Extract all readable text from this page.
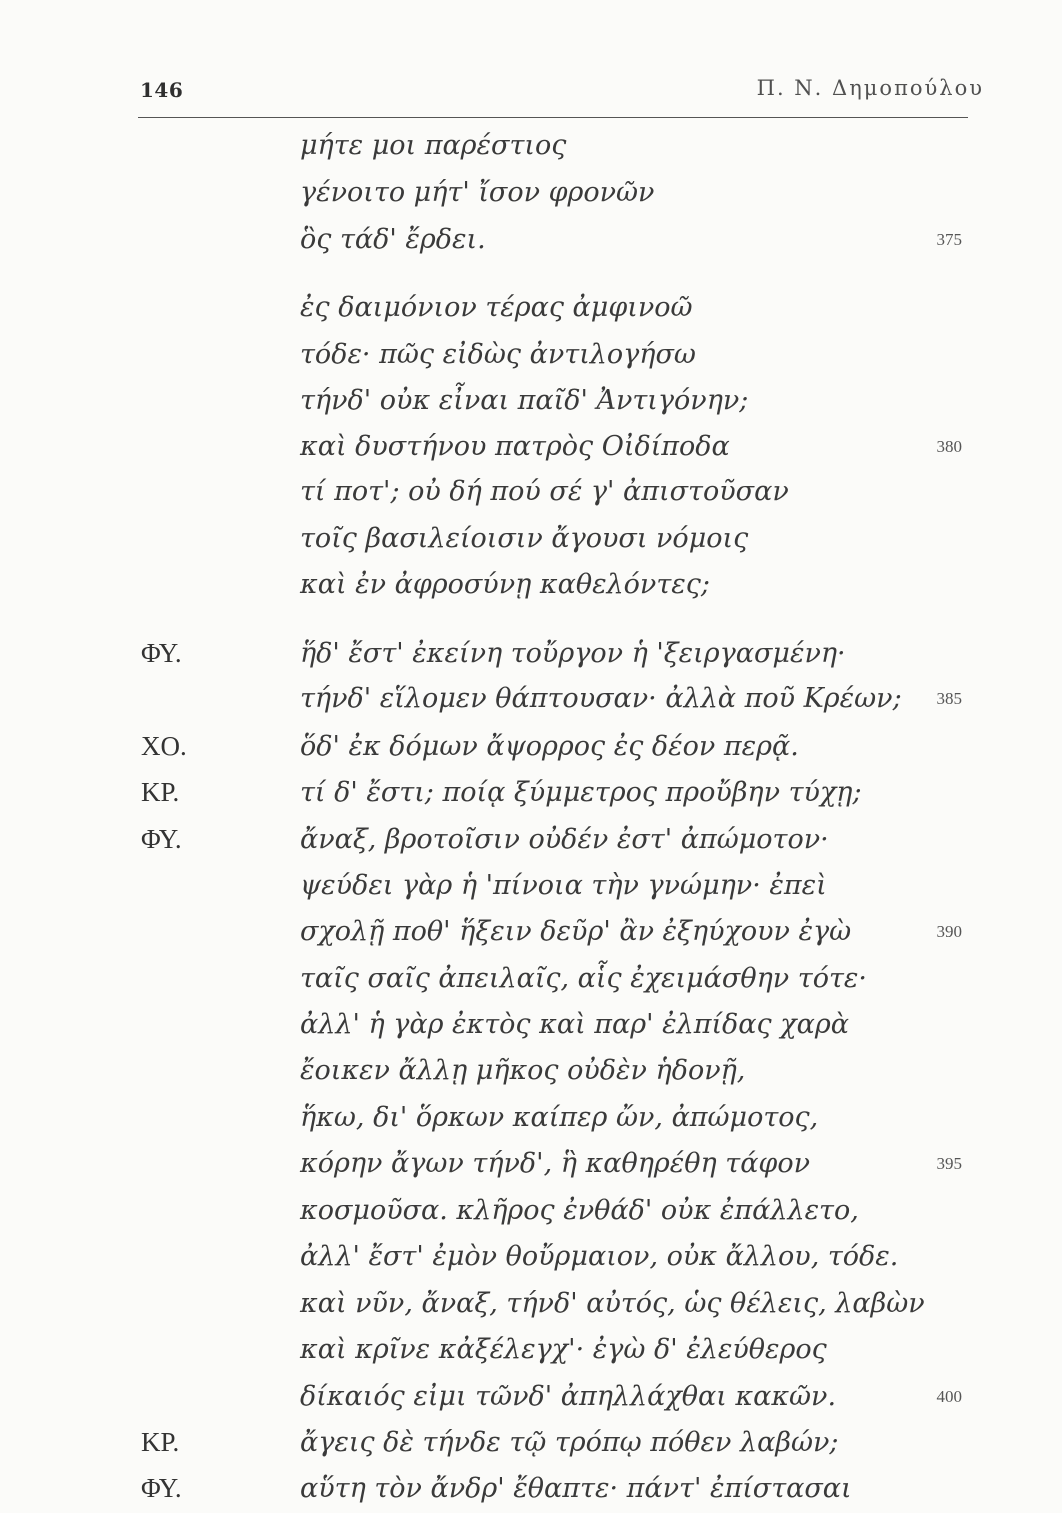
146	Π. Ν. Δημοπούλου
μήτε μοι παρέστιος
γένοιτο μήτ' ἴσον φρονῶν
ὃς τάδ' ἔρδει.	375
ἐς δαιμόνιον τέρας ἀμφινοῶ
τόδε· πῶς εἰδὼς ἀντιλογήσω
τήνδ' οὐκ εἶναι παῖδ' Ἀντιγόνην;
καὶ δυστήνου πατρὸς Οἰδίποδα	380
τί ποτ'; οὐ δή πού σέ γ' ἀπιστοῦσαν
τοῖς βασιλείοισιν ἄγουσι νόμοις
καὶ ἐν ἀφροσύνῃ καθελόντες;
ΦΥ.	ἥδ' ἔστ' ἐκείνη τοὔργον ἡ 'ξειργασμένη·
τήνδ' εἵλομεν θάπτουσαν· ἀλλὰ ποῦ Κρέων; 385
ΧΟ.	ὅδ' ἐκ δόμων ἄψορρος ἐς δέον περᾷ.
ΚΡ.	τί δ' ἔστι; ποίᾳ ξύμμετρος προὔβην τύχῃ;
ΦΥ.	ἄναξ, βροτοῖσιν οὐδέν ἐστ' ἀπώμοτον·
ψεύδει γὰρ ἡ 'πίνοια τὴν γνώμην· ἐπεὶ
σχολῇ ποθ' ἥξειν δεῦρ' ἂν ἐξηύχουν ἐγὼ	390
ταῖς σαῖς ἀπειλαῖς, αἷς ἐχειμάσθην τότε·
ἀλλ' ἡ γὰρ ἐκτὸς καὶ παρ' ἐλπίδας χαρὰ
ἔοικεν ἄλλῃ μῆκος οὐδὲν ἡδονῇ,
ἥκω, δι' ὅρκων καίπερ ὤν, ἀπώμοτος,
κόρην ἄγων τήνδ', ἣ καθηρέθη τάφον	395
κοσμοῦσα. κλῆρος ἐνθάδ' οὐκ ἐπάλλετο,
ἀλλ' ἔστ' ἐμὸν θοὔρμαιον, οὐκ ἄλλου, τόδε.
καὶ νῦν, ἄναξ, τήνδ' αὐτός, ὡς θέλεις, λαβὼν
καὶ κρῖνε κἀξέλεγχ'· ἐγὼ δ' ἐλεύθερος
δίκαιός εἰμι τῶνδ' ἀπηλλάχθαι κακῶν.	400
ΚΡ.	ἄγεις δὲ τήνδε τῷ τρόπῳ πόθεν λαβών;
ΦΥ.	αὕτη τὸν ἄνδρ' ἔθαπτε· πάντ' ἐπίστασαι
